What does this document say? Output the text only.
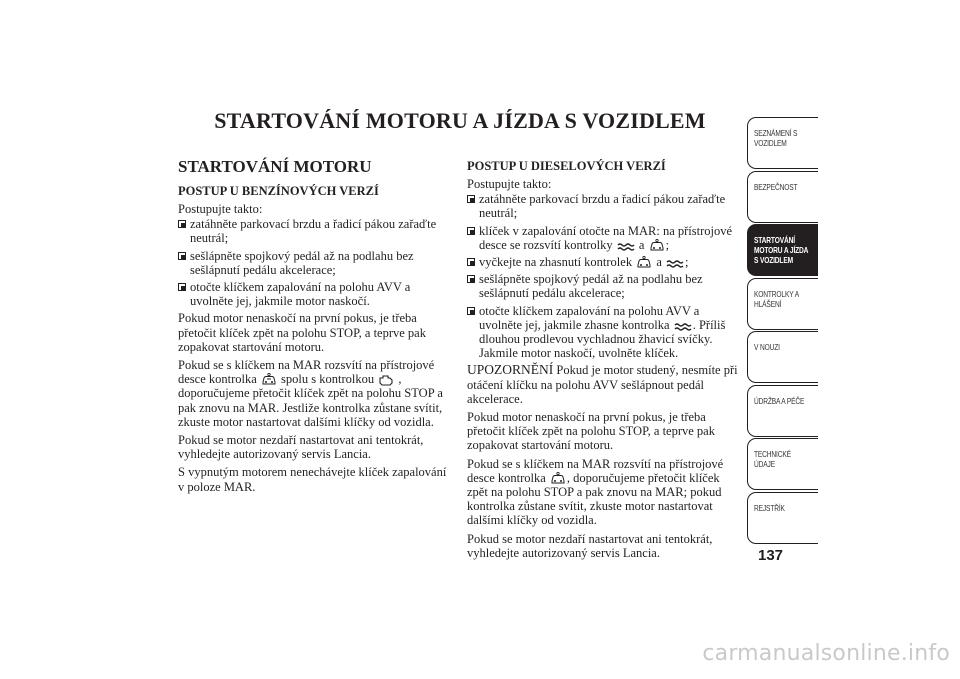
STARTOVÁNÍ MOTORU A JÍZDA S VOZIDLEM
STARTOVÁNÍ MOTORU
POSTUP U BENZÍNOVÝCH VERZÍ

Postupujte takto:

zatáhněte parkovací brzdu a řadicí pákou zařaďte neutrál;
sešlápněte spojkový pedál až na podlahu bez sešlápnutí pedálu akcelerace;
otočte klíčkem zapalování na polohu AVV a uvolněte jej, jakmile motor naskočí.

Pokud motor nenaskočí na první pokus, je třeba přetočit klíček zpět na polohu STOP, a teprve pak zopakovat startování motoru.

Pokud se s klíčkem na MAR rozsvítí na přístrojové desce kontrolka spolu s kontrolkou , doporučujeme přetočit klíček zpět na polohu STOP a pak znovu na MAR. Jestliže kontrolka zůstane svítit, zkuste motor nastartovat dalšími klíčky od vozidla.

Pokud se motor nezdaří nastartovat ani tentokrát, vyhledejte autorizovaný servis Lancia.

S vypnutým motorem nenechávejte klíček zapalování v poloze MAR.

POSTUP U DIESELOVÝCH VERZÍ

Postupujte takto:

zatáhněte parkovací brzdu a řadicí pákou zařaďte neutrál;
klíček v zapalování otočte na MAR: na přístrojové desce se rozsvítí kontrolky a ;
vyčkejte na zhasnutí kontrolek a ;
sešlápněte spojkový pedál až na podlahu bez sešlápnutí pedálu akcelerace;
otočte klíčkem zapalování na polohu AVV a uvolněte jej, jakmile zhasne kontrolka . Příliš dlouhou prodlevou vychladnou žhavicí svíčky. Jakmile motor naskočí, uvolněte klíček.

UPOZORNĚNÍ Pokud je motor studený, nesmíte při otáčení klíčku na polohu AVV sešlápnout pedál akcelerace.

Pokud motor nenaskočí na první pokus, je třeba přetočit klíček zpět na polohu STOP, a teprve pak zopakovat startování motoru.

Pokud se s klíčkem na MAR rozsvítí na přístrojové desce kontrolka , doporučujeme přetočit klíček zpět na polohu STOP a pak znovu na MAR; pokud kontrolka zůstane svítit, zkuste motor nastartovat dalšími klíčky od vozidla.

Pokud se motor nezdaří nastartovat ani tentokrát, vyhledejte autorizovaný servis Lancia.

SEZNÁMENÍ S
VOZIDLEM
BEZPEČNOST
STARTOVÁNÍ
MOTORU A JÍZDA
S VOZIDLEM
KONTROLKY A
HLÁŠENÍ
V NOUZI
ÚDRŽBA A PÉČE
TECHNICKÉ
ÚDAJE
REJSTŘÍK
137
carmanualsonline.info
